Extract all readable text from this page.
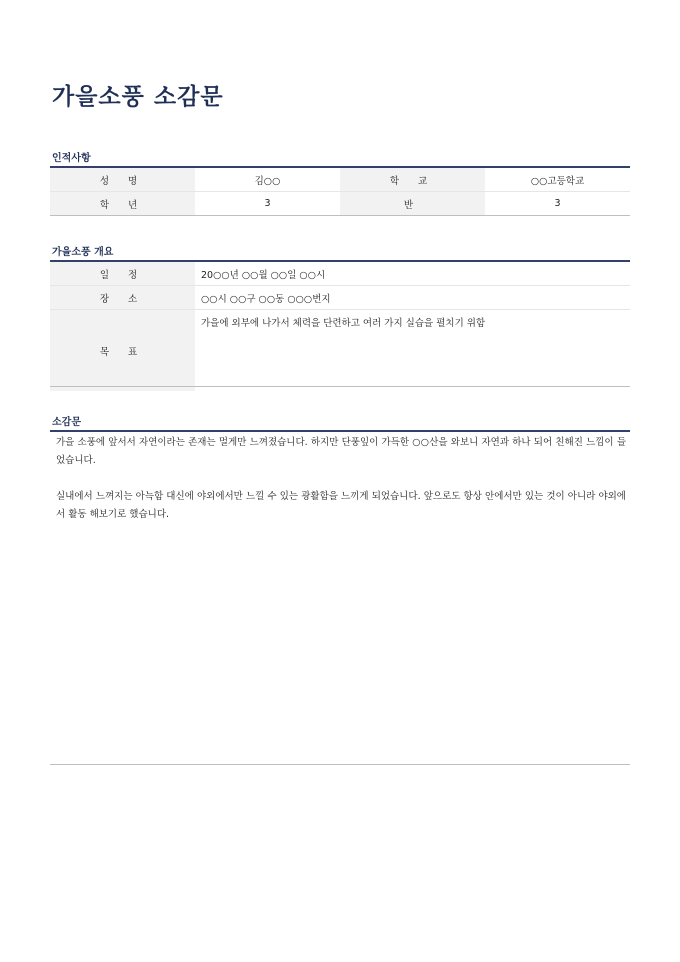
가을소풍 소감문
인적사항
성 명	김○○	학 교	○○고등학교
학 년	3	반	3
가을소풍 개요
일 정	20○○년 ○○월 ○○일 ○○시
장 소	○○시 ○○구 ○○동 ○○○번지
목 표	가을에 외부에 나가서 체력을 단련하고 여러 가지 실습을 펼치기 위함
소감문

가을 소풍에 앞서서 자연이라는 존재는 멀게만 느껴졌습니다. 하지만 단풍잎이 가득한 ○○산을 와보니 자연과 하나 되어 친해진 느낌이 들었습니다.

실내에서 느껴지는 아늑함 대신에 야외에서만 느낄 수 있는 광활함을 느끼게 되었습니다. 앞으로도 항상 안에서만 있는 것이 아니라 야외에서 활동 해보기로 했습니다.
